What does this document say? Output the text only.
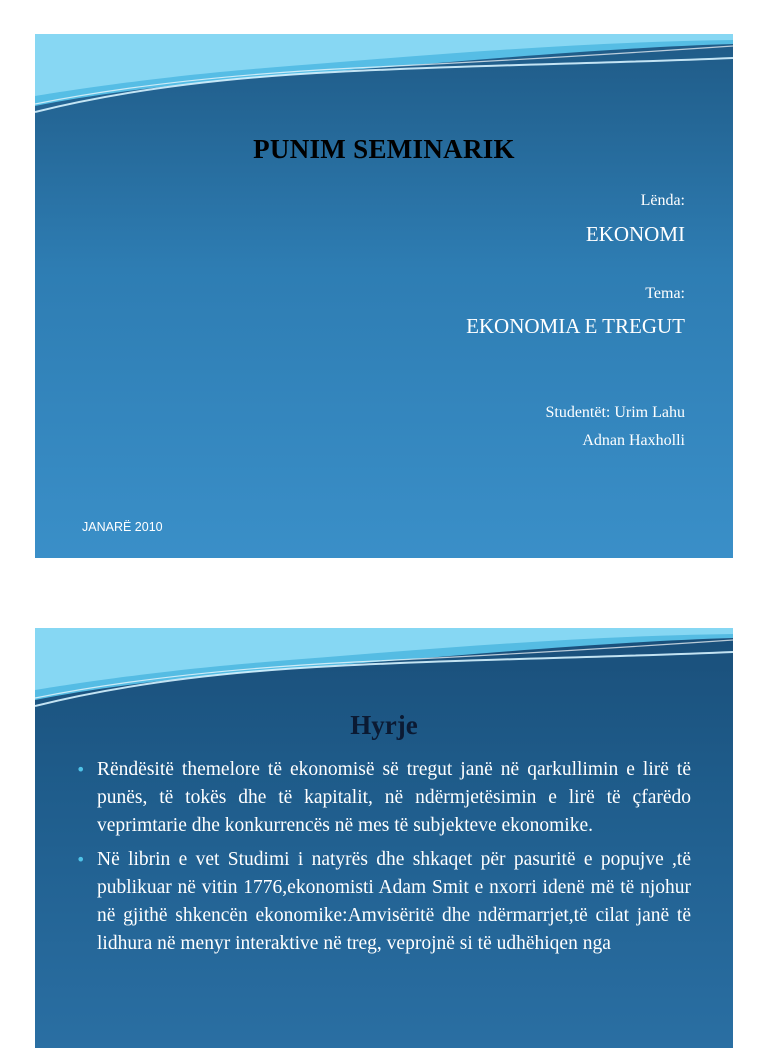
PUNIM SEMINARIK
Lënda:
EKONOMI
Tema:
EKONOMIA E TREGUT
Studentët: Urim Lahu
Adnan Haxholli
JANARË 2010
Hyrje
• Rëndësitë themelore të ekonomisë së tregut janë në qarkullimin e lirë të punës, të tokës dhe të kapitalit, në ndërmjetësimin e lirë të çfarëdo veprimtarie dhe konkurrencës në mes të subjekteve ekonomike.
• Në librin e vet Studimi i natyrës dhe shkaqet për pasuritë e popujve ,të publikuar në vitin 1776,ekonomisti Adam Smit e nxorri idenë më të njohur në gjithë shkencën ekonomike:Amvisëritë dhe ndërmarrjet,të cilat janë të lidhura në menyr interaktive në treg, veprojnë si të udhëhiqen nga
